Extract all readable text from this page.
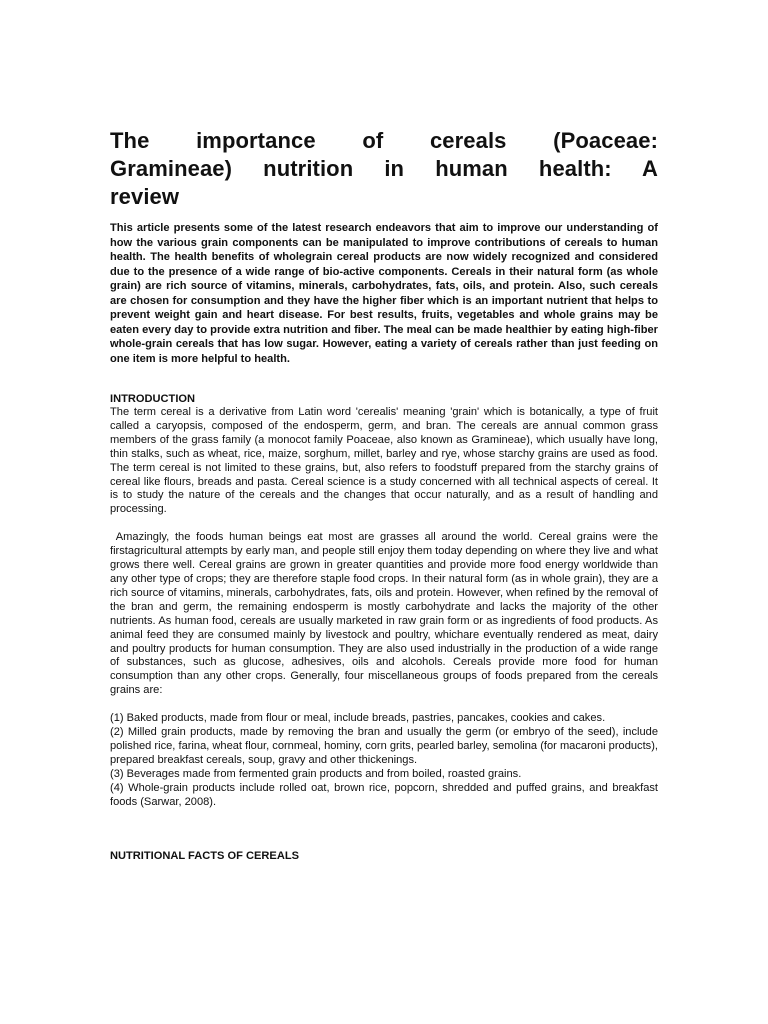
The importance of cereals (Poaceae:
Gramineae) nutrition in human health: A
review

This article presents some of the latest research endeavors that aim to improve our understanding of how the various grain components can be manipulated to improve contributions of cereals to human health. The health benefits of wholegrain cereal products are now widely recognized and considered due to the presence of a wide range of bio-active components. Cereals in their natural form (as whole grain) are rich source of vitamins, minerals, carbohydrates, fats, oils, and protein. Also, such cereals are chosen for consumption and they have the higher fiber which is an important nutrient that helps to prevent weight gain and heart disease. For best results, fruits, vegetables and whole grains may be eaten every day to provide extra nutrition and fiber. The meal can be made healthier by eating high-fiber whole-grain cereals that has low sugar. However, eating a variety of cereals rather than just feeding on one item is more helpful to health.

INTRODUCTION

The term cereal is a derivative from Latin word 'cerealis' meaning 'grain' which is botanically, a type of fruit called a caryopsis, composed of the endosperm, germ, and bran. The cereals are annual common grass members of the grass family (a monocot family Poaceae, also known as Gramineae), which usually have long, thin stalks, such as wheat, rice, maize, sorghum, millet, barley and rye, whose starchy grains are used as food. The term cereal is not limited to these grains, but, also refers to foodstuff prepared from the starchy grains of cereal like flours, breads and pasta. Cereal science is a study concerned with all technical aspects of cereal. It is to study the nature of the cereals and the changes that occur naturally, and as a result of handling and processing.

Amazingly, the foods human beings eat most are grasses all around the world. Cereal grains were the firstagricultural attempts by early man, and people still enjoy them today depending on where they live and what grows there well. Cereal grains are grown in greater quantities and provide more food energy worldwide than any other type of crops; they are therefore staple food crops. In their natural form (as in whole grain), they are a rich source of vitamins, minerals, carbohydrates, fats, oils and protein. However, when refined by the removal of the bran and germ, the remaining endosperm is mostly carbohydrate and lacks the majority of the other nutrients. As human food, cereals are usually marketed in raw grain form or as ingredients of food products. As animal feed they are consumed mainly by livestock and poultry, whichare eventually rendered as meat, dairy and poultry products for human consumption. They are also used industrially in the production of a wide range of substances, such as glucose, adhesives, oils and alcohols. Cereals provide more food for human consumption than any other crops. Generally, four miscellaneous groups of foods prepared from the cereals grains are:

(1) Baked products, made from flour or meal, include breads, pastries, pancakes, cookies and cakes.

(2) Milled grain products, made by removing the bran and usually the germ (or embryo of the seed), include polished rice, farina, wheat flour, cornmeal, hominy, corn grits, pearled barley, semolina (for macaroni products), prepared breakfast cereals, soup, gravy and other thickenings.

(3) Beverages made from fermented grain products and from boiled, roasted grains.

(4) Whole-grain products include rolled oat, brown rice, popcorn, shredded and puffed grains, and breakfast foods (Sarwar, 2008).

NUTRITIONAL FACTS OF CEREALS
